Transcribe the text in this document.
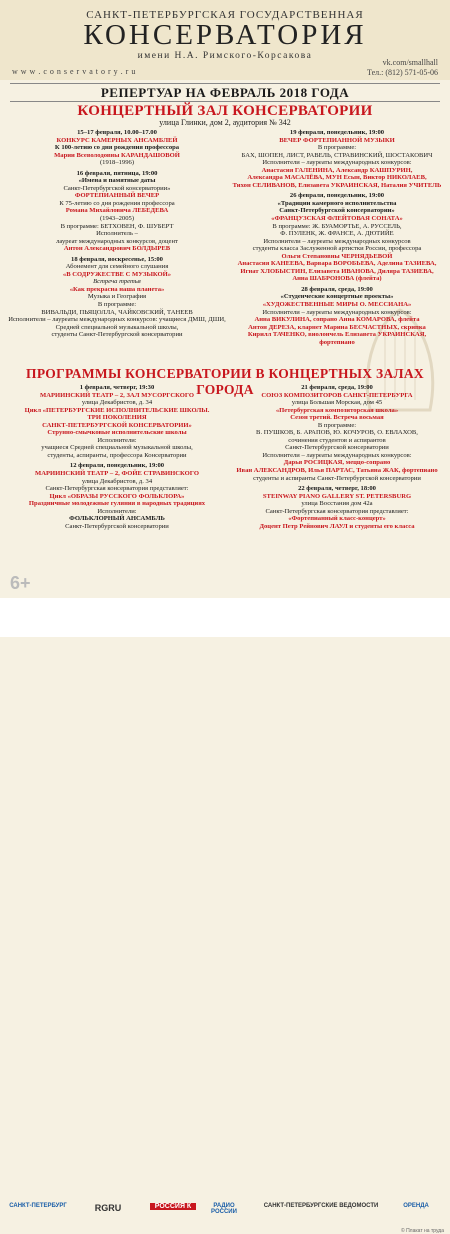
САНКТ-ПЕТЕРБУРГСКАЯ ГОСУДАРСТВЕННАЯ
КОНСЕРВАТОРИЯ
имени Н.А. Римского-Корсакова
w w w . c o n s e r v a t o r y . r u
vk.com/smallhall
Тел.: (812) 571-05-06
РЕПЕРТУАР НА ФЕВРАЛЬ 2018 ГОДА
КОНЦЕРТНЫЙ ЗАЛ КОНСЕРВАТОРИИ
улица Глинки, дом 2, аудитория № 342
15–17 февраля, 10.00–17.00
КОНКУРС КАМЕРНЫХ АНСАМБЛЕЙ
К 100-летию со дня рождения профессора
Марии Всеволодовны КАРАНДАШОВОЙ
(1918–1996)
16 февраля, пятница, 19:00
«Имена и памятные даты
Санкт-Петербургской консерватории»
ФОРТЕПИАННЫЙ ВЕЧЕР
К 75-летию со дня рождения профессора
Романа Михайловича ЛЕБЕДЕВА
(1943–2005)
В программе: БЕТХОВЕН, Ф. ШУБЕРТ
Исполнитель –
лауреат международных конкурсов, доцент
Антон Александрович БОЛДЫРЕВ
18 февраля, воскресенье, 15:00
Абонемент для семейного слушания
«В СОДРУЖЕСТВЕ С МУЗЫКОЙ»
Встреча третья
«Как прекрасна наша планета»
Музыка и География
В программе:
ВИВАЛЬДИ, ПЬЯЦОЛЛА, ЧАЙКОВСКИЙ, ТАНЕЕВ
Исполнители – лауреаты международных конкурсов: учащиеся ДМШ, ДШИ,
Средней специальной музыкальной школы,
студенты Санкт-Петербургской консерватории
19 февраля, понедельник, 19:00
ВЕЧЕР ФОРТЕПИАННОЙ МУЗЫКИ
В программе:
БАХ, ШОПЕН, ЛИСТ, РАВЕЛЬ, СТРАВИНСКИЙ, ШОСТАКОВИЧ
Исполнители – лауреаты международных конкурсов:
Анастасия ГАЛЕНИНА, Александр КАШПУРИН,
Александра МАСАЛЁВА, МУН Есын, Виктор НИКОЛАЕВ,
Тихон СЕЛИВАНОВ, Елизавета УКРАИНСКАЯ, Наталия УЧИТЕЛЬ
26 февраля, понедельник, 19:00
«Традиции камерного исполнительства
Санкт-Петербургской консерватории»
«ФРАНЦУЗСКАЯ ФЛЕЙТОВАЯ СОНАТА»
В программе: Ж. БУАМОРТЬЕ, А. РУССЕЛЬ,
Ф. ПУЛЕНК, Ж. ФРАНСЕ, А. ДЮТИЙЕ
Исполнители – лауреаты международных конкурсов
студенты класса Заслуженной артистки России, профессора
Ольги Степановны ЧЕРНЯДЬЕВОЙ
Анастасия КАНЕЕВА, Варвара ВОРОБЬЕВА, Аделина ТАЗИЕВА,
Игнат ХЛОБЫСТИН, Елизавета ИВАНОВА, Диляра ТАЗИЕВА,
Анна ШАБРОНОВА (флейта)
28 февраля, среда, 19:00
«Студенческие концертные проекты»
«ХУДОЖЕСТВЕННЫЕ МИРЫ О. МЕССИАНА»
Исполнители – лауреаты международных конкурсов:
Анна ВИКУЛИНА, сопрано Анна КОМАРОВА, флейта
Антон ДЕРЕЗА, кларнет Марина БЕСЧАСТНЫХ, скрипка
Кирилл ТАЧЕНКО, виолончель Елизавета УКРАИНСКАЯ, фортепиано
ПРОГРАММЫ КОНСЕРВАТОРИИ В КОНЦЕРТНЫХ ЗАЛАХ ГОРОДА
1 февраля, четверг, 19:30
МАРИИНСКИЙ ТЕАТР – 2, ЗАЛ МУСОРГСКОГО
улица Декабристов, д. 34
Цикл «ПЕТЕРБУРГСКИЕ ИСПОЛНИТЕЛЬСКИЕ ШКОЛЫ.
ТРИ ПОКОЛЕНИЯ
САНКТ-ПЕТЕРБУРГСКОЙ КОНСЕРВАТОРИИ»
Струнно-смычковые исполнительские школы
Исполнители:
учащиеся Средней специальной музыкальной школы,
студенты, аспиранты, профессора Консерватории
12 февраля, понедельник, 19:00
МАРИИНСКИЙ ТЕАТР – 2, ФОЙЕ СТРАВИНСКОГО
улица Декабристов, д. 34
Санкт-Петербургская консерватория представляет:
Цикл «ОБРАЗЫ РУССКОГО ФОЛЬКЛОРА»
Праздничные молодежные гуляния в народных традициях
Исполнители:
ФОЛЬКЛОРНЫЙ АНСАМБЛЬ
Санкт-Петербургской консерватории
21 февраля, среда, 19:00
СОЮЗ КОМПОЗИТОРОВ САНКТ-ПЕТЕРБУРГА
улица Большая Морская, дом 45
«Петербургская композиторская школа»
Сезон третий. Встреча восьмая
В программе:
В. ПУШКОВ, Б. АРАПОВ, Ю. КОЧУРОВ, О. ЕВЛАХОВ,
сочинения студентов и аспирантов
Санкт-Петербургской консерватории
Исполнители – лауреаты международных конкурсов:
Дарья РОСИЦКАЯ, меццо-сопрано
Иван АЛЕКСАНДРОВ, Илья ПАРТАС, Татьяна ЖАК, фортепиано
студенты и аспиранты Санкт-Петербургской консерватории
22 февраля, четверг, 18:00
STEINWAY PIANO GALLERY ST. PETERSBURG
улица Восстания дом 42а
Санкт-Петербургская консерватория представляет:
«Фортепианный класс-концерт»
Доцент Петр Рейнович ЛАУЛ и студенты его класса
6+
САНКТ-ПЕТЕРБУРГ	RGRU	РОССИЯ К	РАДИО РОССИИ
САНКТ-ПЕТЕРБУРГСКИЕ ВЕДОМОСТИ	ОРЕНДА
© Плакат на труда
